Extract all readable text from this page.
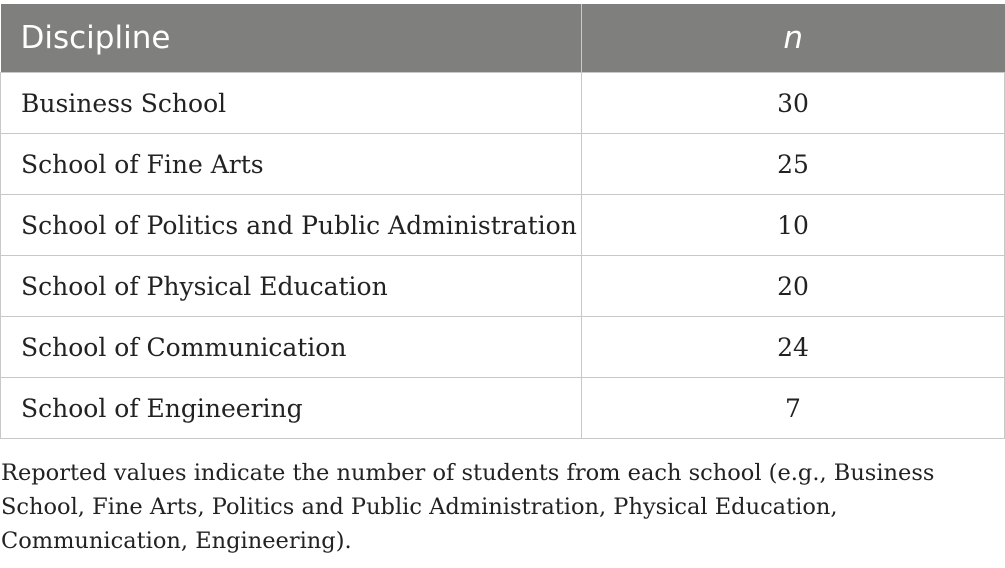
Discipline	n
Business School	30
School of Fine Arts	25
School of Politics and Public Administration	10
School of Physical Education	20
School of Communication	24
School of Engineering	7

Reported values indicate the number of students from each school (e.g., Business School, Fine Arts, Politics and Public Administration, Physical Education, Communication, Engineering).
